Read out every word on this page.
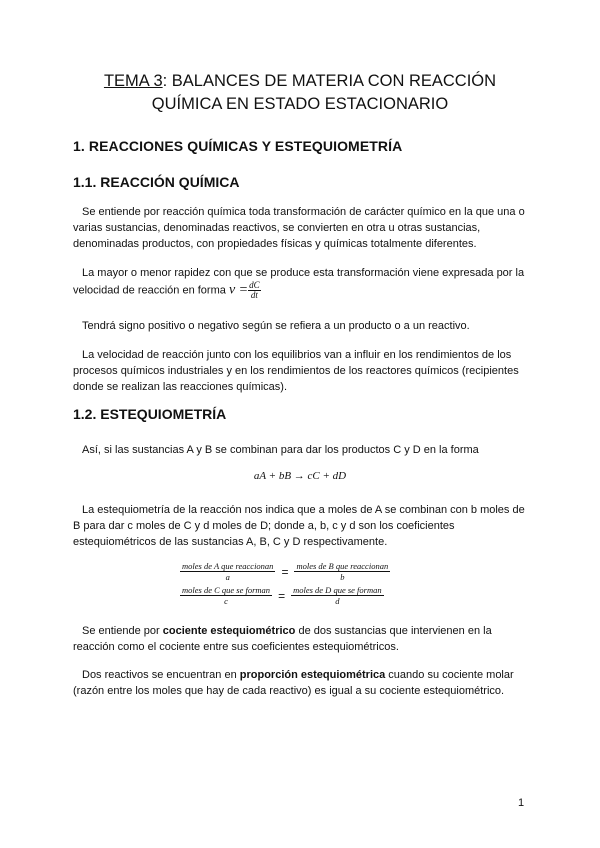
TEMA 3: BALANCES DE MATERIA CON REACCIÓN
QUÍMICA EN ESTADO ESTACIONARIO
1. REACCIONES QUÍMICAS Y ESTEQUIOMETRÍA
1.1. REACCIÓN QUÍMICA

Se entiende por reacción química toda transformación de carácter químico en la que una o varias sustancias, denominadas reactivos, se convierten en otra u otras sustancias, denominadas productos, con propiedades físicas y químicas totalmente diferentes.

La mayor o menor rapidez con que se produce esta transformación viene expresada por la
velocidad de reacción en forma $v = \frac{dC}{dt}$

Tendrá signo positivo o negativo según se refiera a un producto o a un reactivo.

La velocidad de reacción junto con los equilibrios van a influir en los rendimientos de los procesos químicos industriales y en los rendimientos de los reactores químicos (recipientes donde se realizan las reacciones químicas).

1.2. ESTEQUIOMETRÍA

Así, si las sustancias A y B se combinan para dar los productos C y D en la forma

aA + bB → cC + dD

La estequiometría de la reacción nos indica que a moles de A se combinan con b moles de B para dar c moles de C y d moles de D; donde a, b, c y d son los coeficientes estequiométricos de las sustancias A, B, C y D respectivamente.

$\frac{\text{moles de A que reaccionan}}{a} = \frac{\text{moles de B que reaccionan}}{b}$
$\frac{\text{moles de C que se forman}}{c} = \frac{\text{moles de D que se forman}}{d}$

Se entiende por cociente estequiométrico de dos sustancias que intervienen en la reacción como el cociente entre sus coeficientes estequiométricos.

Dos reactivos se encuentran en proporción estequiométrica cuando su cociente molar (razón entre los moles que hay de cada reactivo) es igual a su cociente estequiométrico.

1
